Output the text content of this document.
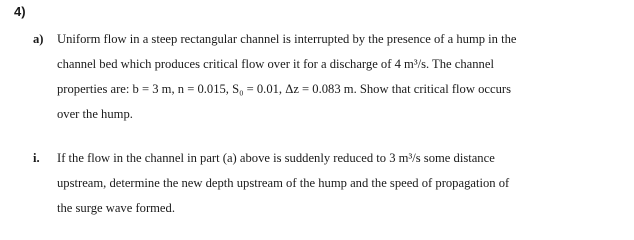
4)
a) Uniform flow in a steep rectangular channel is interrupted by the presence of a hump in the
channel bed which produces critical flow over it for a discharge of 4 m³/s. The channel
properties are: b = 3 m, n = 0.015, S₀ = 0.01, Δz = 0.083 m. Show that critical flow occurs
over the hump.
i. If the flow in the channel in part (a) above is suddenly reduced to 3 m³/s some distance
upstream, determine the new depth upstream of the hump and the speed of propagation of
the surge wave formed.
